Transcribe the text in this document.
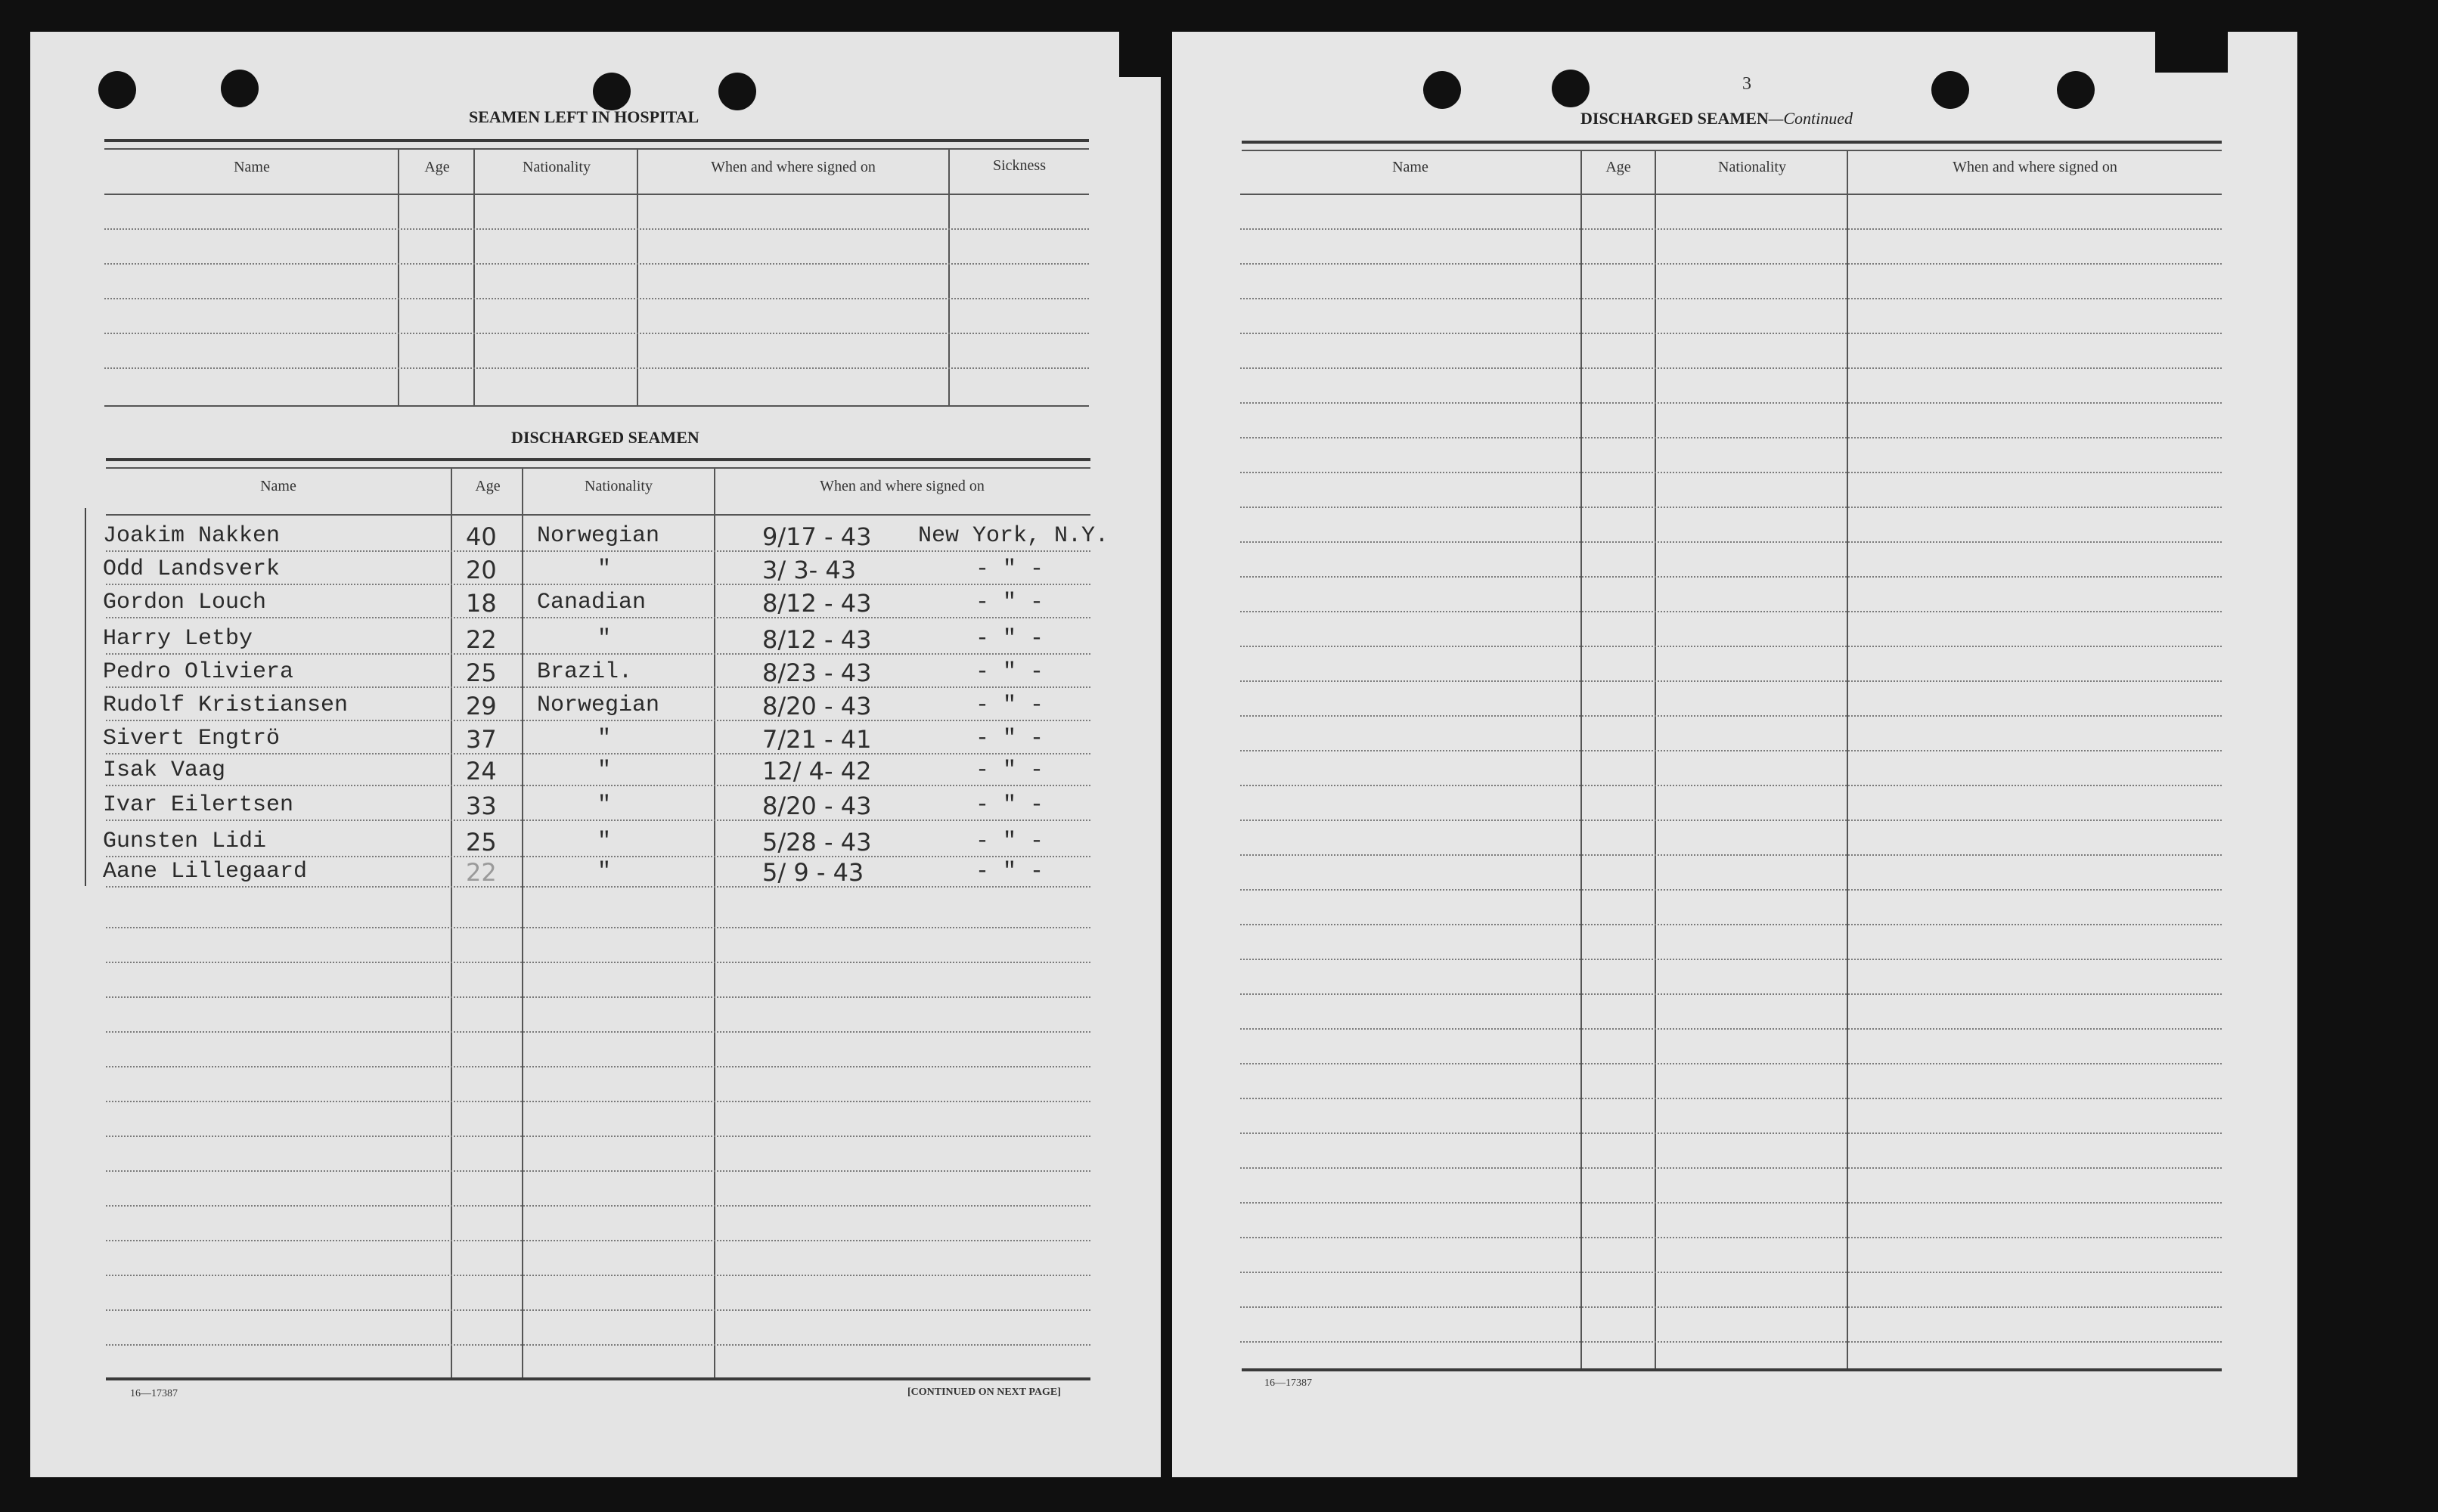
SEAMEN LEFT IN HOSPITAL
Name	Age	Nationality	When and where signed on	Sickness
DISCHARGED SEAMEN
Name	Age	Nationality	When and where signed on
Joakim Nakken	40 Norwegian	9/17 - 43 New York, N.Y.
Odd Landsverk	20	"	3/ 3- 43	- " -
Gordon Louch	18 Canadian	8/12 - 43	- " -
Harry Letby	22	"	8/12 - 43	- " -
Pedro Oliviera	25 Brazil.	8/23 - 43	- " -
Rudolf Kristiansen	29 Norwegian	8/20 - 43	- " -
Sivert Engtrö	37	"	7/21 - 41	- " -
Isak Vaag	24	"	12/ 4- 42	- " -
Ivar Eilertsen	33	"	8/20 - 43	- " -
Gunsten Lidi	25	"	5/28 - 43	- " -
Aane Lillegaard	22	"	5/ 9 - 43	- " -
16—17387	[CONTINUED ON NEXT PAGE]
3
DISCHARGED SEAMEN—Continued
Name	Age	Nationality	When and where signed on
16—17387
